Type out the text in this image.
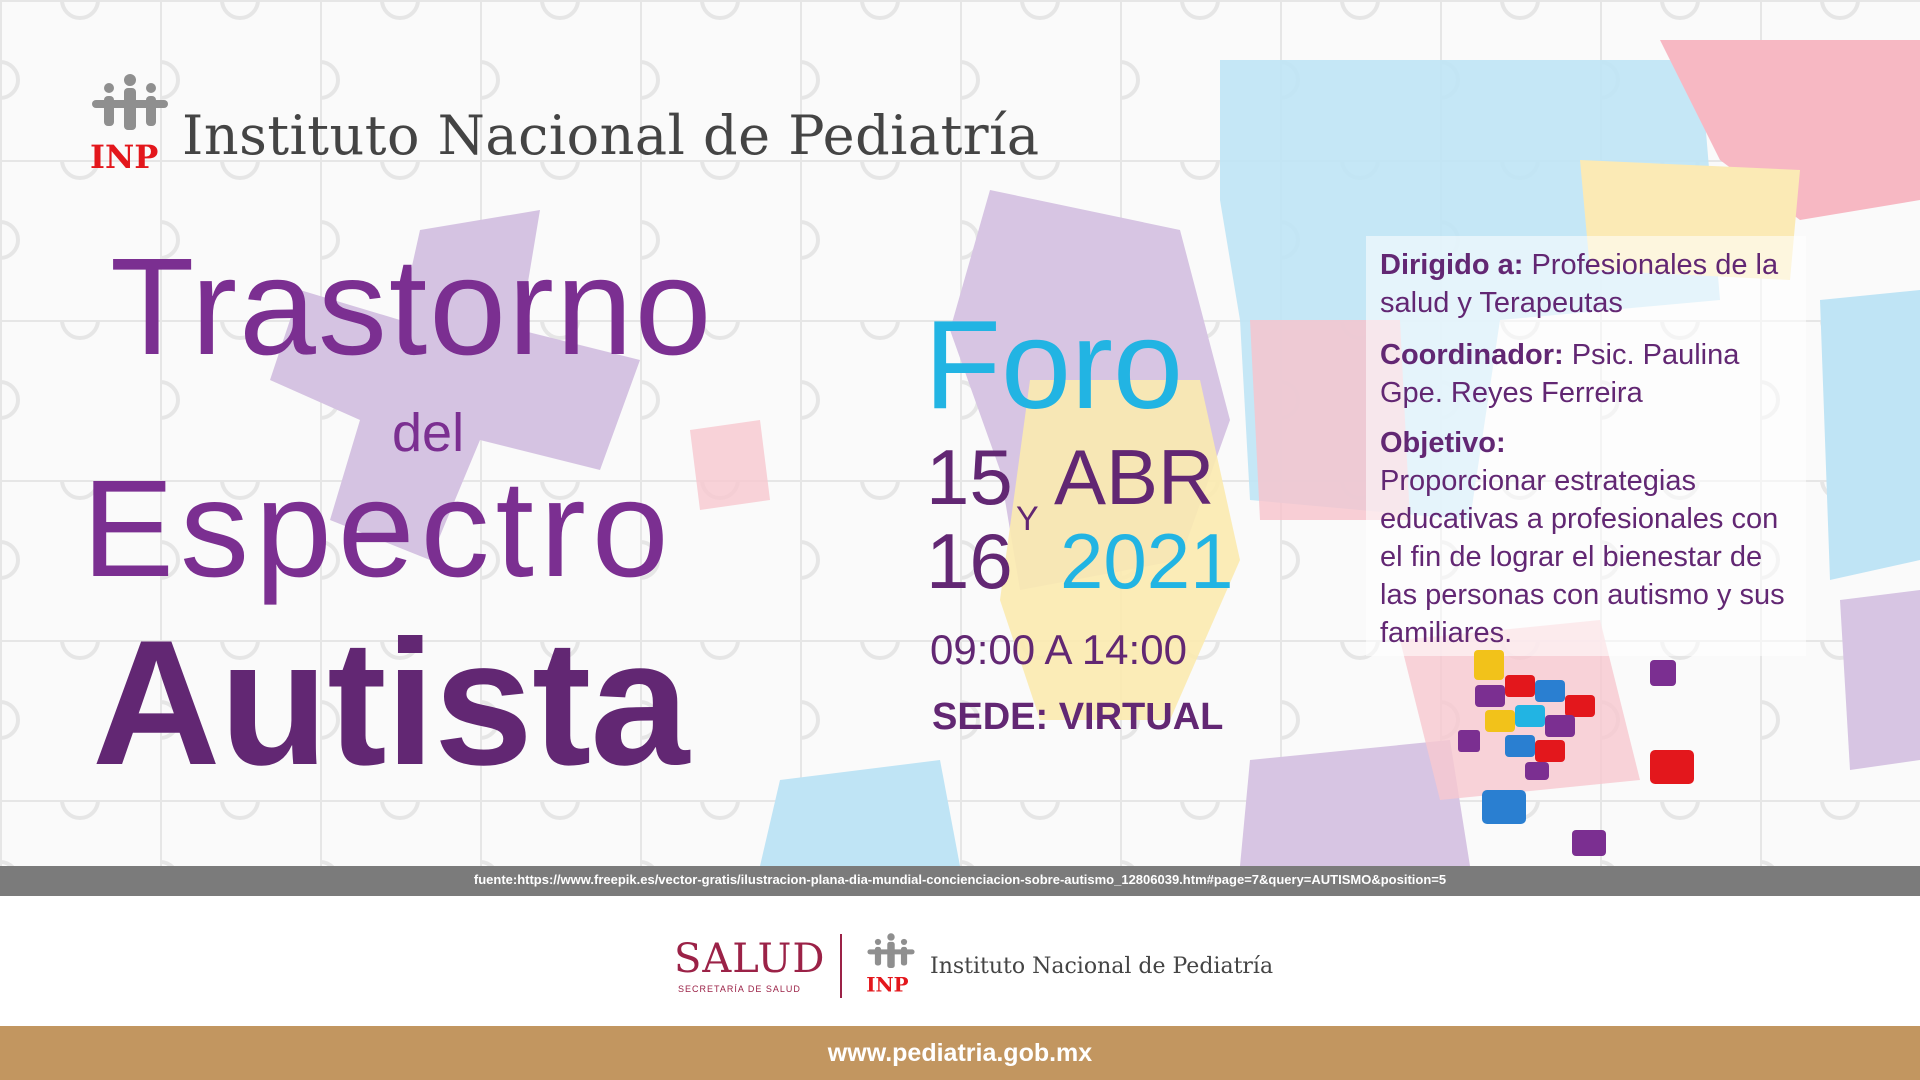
INP Instituto Nacional de Pediatría
Trastorno
del
Espectro
Autista
Foro
15 Y
16
ABR
2021
09:00 A 14:00
SEDE: VIRTUAL
Dirigido a: Profesionales de la salud y Terapeutas
Coordinador: Psic. Paulina Gpe. Reyes Ferreira
Objetivo:
Proporcionar estrategias educativas a profesionales con el fin de lograr el bienestar de las personas con autismo y sus familiares.
fuente:https://www.freepik.es/vector-gratis/ilustracion-plana-dia-mundial-concienciacion-sobre-autismo_12806039.htm#page=7&query=AUTISMO&position=5
SALUD
SECRETARÍA DE SALUD INP
Instituto Nacional de Pediatría
www.pediatria.gob.mx
